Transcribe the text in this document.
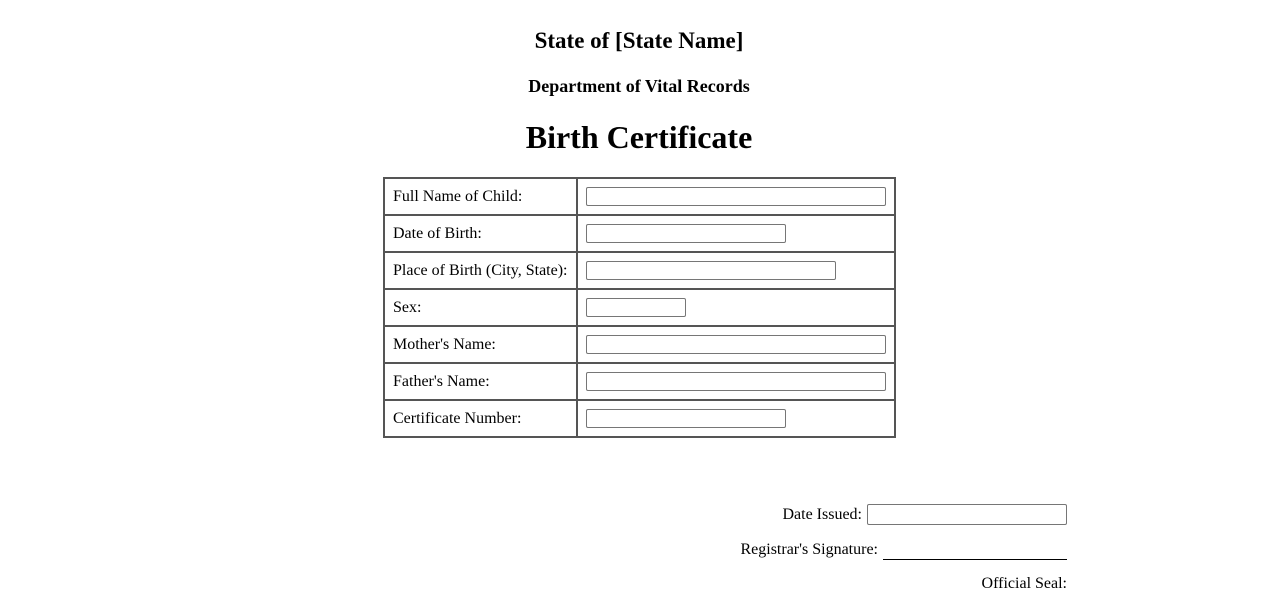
State of [State Name]
Department of Vital Records
Birth Certificate
Full Name of Child:	

Date of Birth:	

Place of Birth (City, State):	

Sex:	

Mother's Name:	

Father's Name:	

Certificate Number:	
Date Issued:
Registrar's Signature:
Official Seal:
